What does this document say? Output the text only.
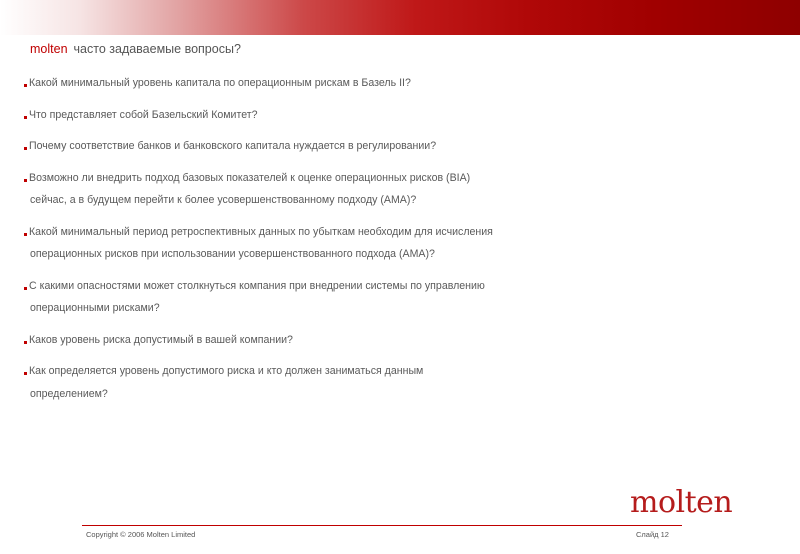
molten часто задаваемые вопросы?
Какой минимальный уровень капитала по операционным рискам в Базель II?
Что представляет собой Базельский Комитет?
Почему соответствие банков и банковского капитала нуждается в регулировании?
Возможно ли внедрить подход базовых показателей к оценке операционных рисков (BIA)
сейчас, а в будущем перейти к более усовершенствованному подходу (AMA)?
Какой минимальный период ретроспективных данных по убыткам необходим для исчисления
операционных рисков при использовании усовершенствованного подхода (AMA)?
С какими опасностями может столкнуться компания при внедрении системы по управлению
операционными рисками?
Каков уровень риска допустимый в вашей компании?
Как определяется уровень допустимого риска и кто должен заниматься данным
определением?
molten
Copyright © 2006 Molten Limited	Слайд 12
